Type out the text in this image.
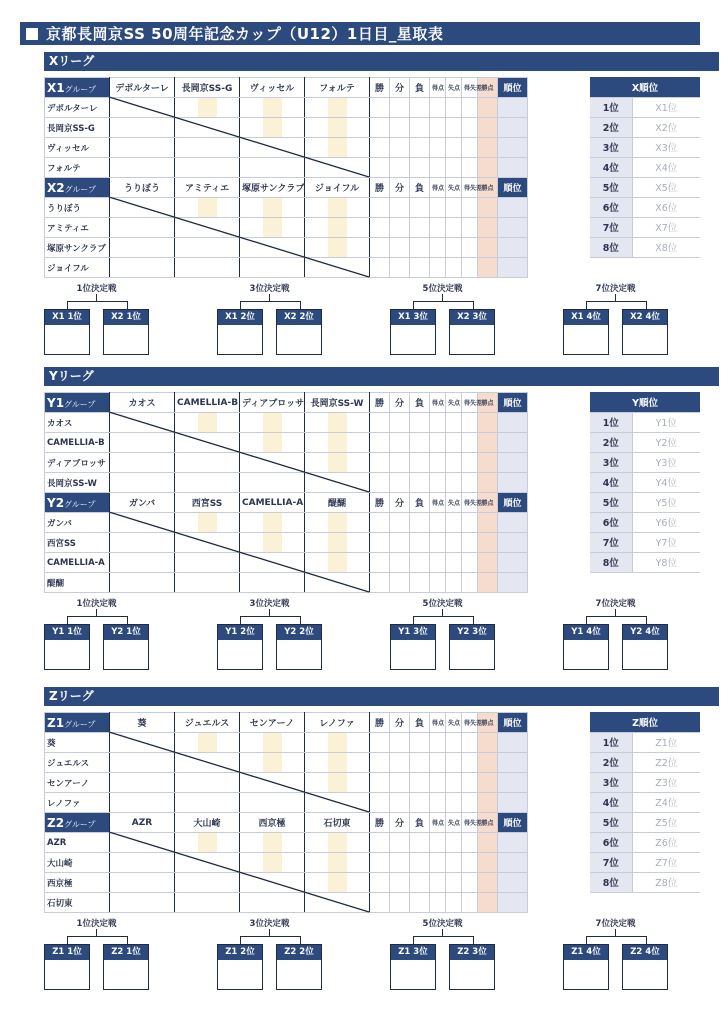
京都長岡京SS 50周年記念カップ（U12）1日目_星取表
Xリーグ
X1グループ	デポルターレ	長岡京SS-G	ヴィッセル	フォルテ	勝	分	負	得点	失点	得失差	勝点	順位
デポルターレ												
長岡京SS-G												
ヴィッセル												
フォルテ												
X2グループ	うりぼう	アミティエ	塚原サンクラブ	ジョイフル	勝	分	負	得点	失点	得失差	勝点	順位
うりぼう												
アミティエ												
塚原サンクラブ												
ジョイフル												
X順位	
1位	X1位
2位	X2位
3位	X3位
4位	X4位
5位	X5位
6位	X6位
7位	X7位
8位	X8位
1位決定戦
X1 1位	X2 1位
3位決定戦
X1 2位	X2 2位
5位決定戦
X1 3位	X2 3位
7位決定戦
X1 4位	X2 4位
Yリーグ
Y1グループ	カオス	CAMELLIA-B	ディアブロッサ	長岡京SS-W	勝	分	負	得点	失点	得失差	勝点	順位
カオス												
CAMELLIA-B												
ディアブロッサ												
長岡京SS-W												
Y2グループ	ガンバ	西宮SS	CAMELLIA-A	醍醐	勝	分	負	得点	失点	得失差	勝点	順位
ガンバ												
西宮SS												
CAMELLIA-A												
醍醐												
Y順位	
1位	Y1位
2位	Y2位
3位	Y3位
4位	Y4位
5位	Y5位
6位	Y6位
7位	Y7位
8位	Y8位
1位決定戦
Y1 1位	Y2 1位
3位決定戦
Y1 2位	Y2 2位
5位決定戦
Y1 3位	Y2 3位
7位決定戦
Y1 4位	Y2 4位
Zリーグ
Z1グループ	葵	ジュエルス	センアーノ	レノファ	勝	分	負	得点	失点	得失差	勝点	順位
葵												
ジュエルス												
センアーノ												
レノファ												
Z2グループ	AZR	大山崎	西京極	石切東	勝	分	負	得点	失点	得失差	勝点	順位
AZR												
大山崎												
西京極												
石切東												
Z順位	
1位	Z1位
2位	Z2位
3位	Z3位
4位	Z4位
5位	Z5位
6位	Z6位
7位	Z7位
8位	Z8位
1位決定戦
Z1 1位	Z2 1位
3位決定戦
Z1 2位	Z2 2位
5位決定戦
Z1 3位	Z2 3位
7位決定戦
Z1 4位	Z2 4位
